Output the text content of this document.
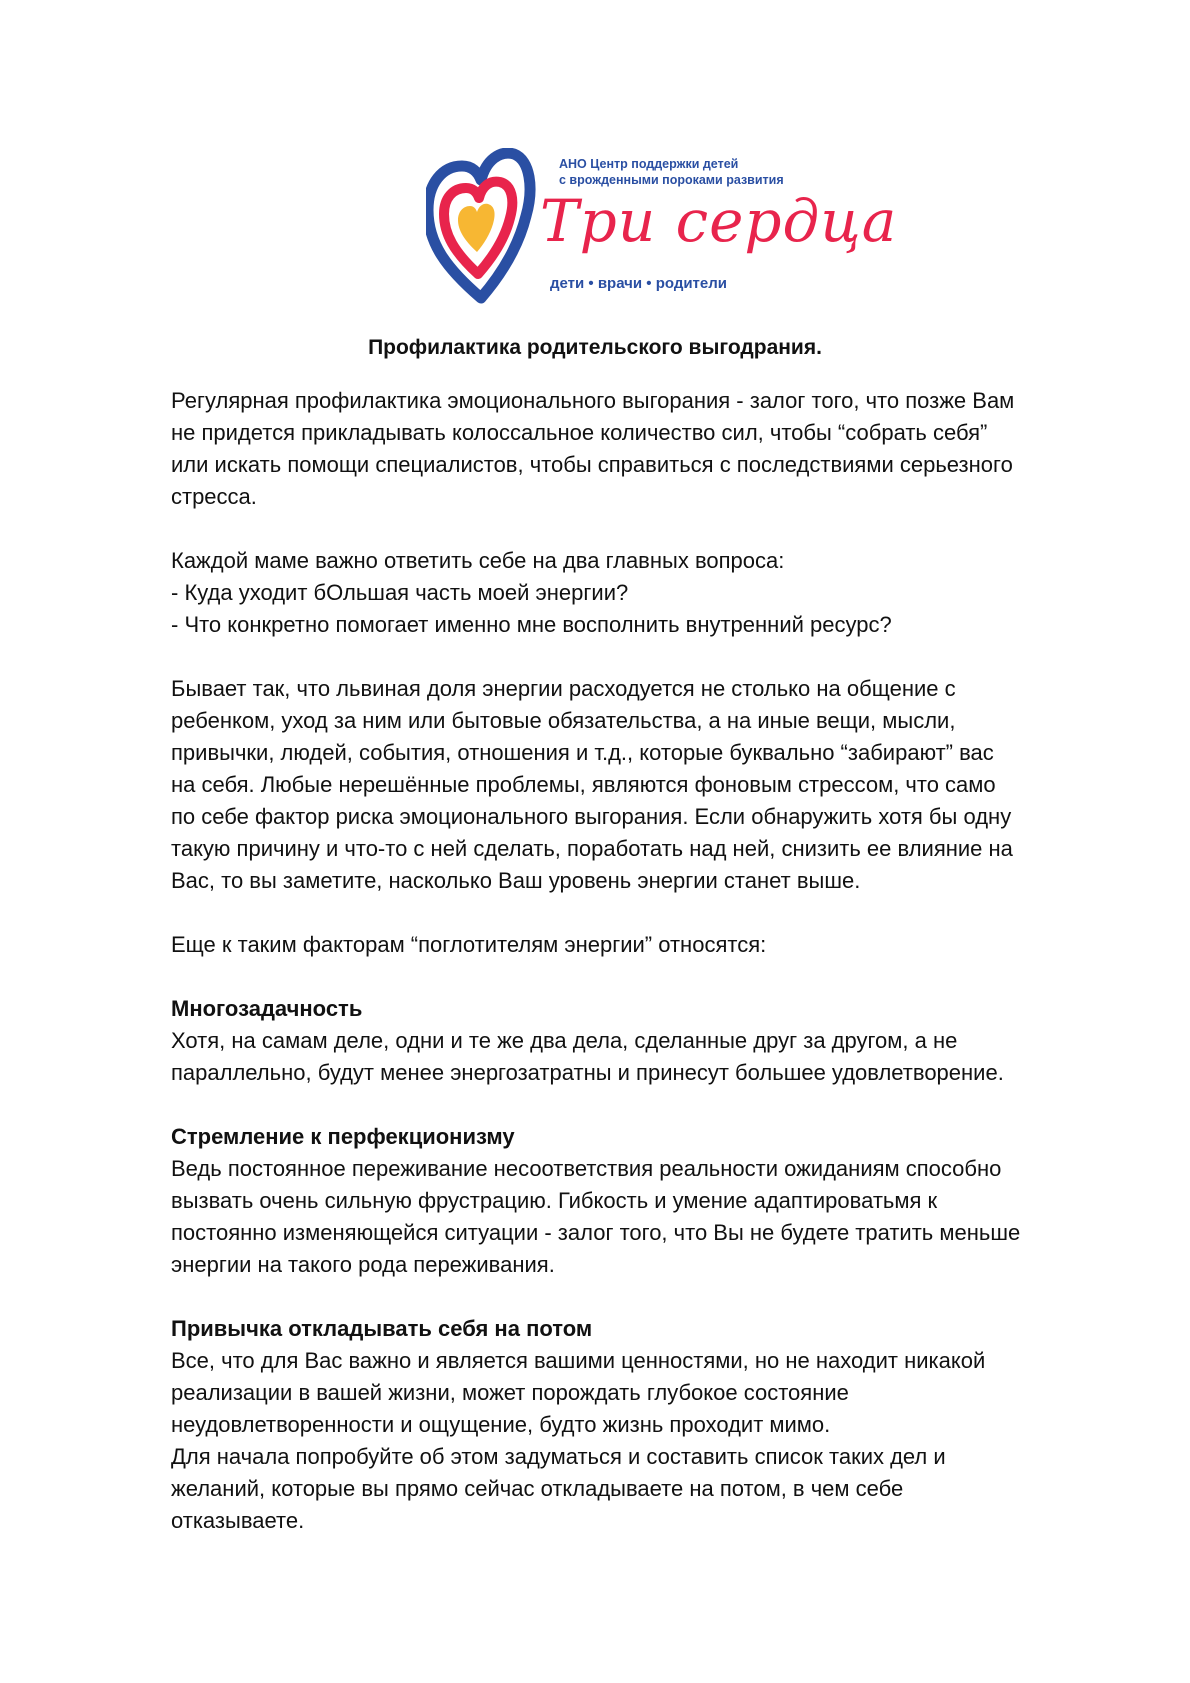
АНО Центр поддержки детей
с врожденными пороками развития
Три сердца
дети • врачи • родители
Профилактика родительского выгодрания.

Регулярная профилактика эмоционального выгорания - залог того, что позже Вам
не придется прикладывать колоссальное количество сил, чтобы “собрать себя”
или искать помощи специалистов, чтобы справиться с последствиями серьезного
стресса.

Каждой маме важно ответить себе на два главных вопроса:
- Куда уходит бОльшая часть моей энергии?
- Что конкретно помогает именно мне восполнить внутренний ресурс?

Бывает так, что львиная доля энергии расходуется не столько на общение с
ребенком, уход за ним или бытовые обязательства, а на иные вещи, мысли,
привычки, людей, события, отношения и т.д., которые буквально “забирают” вас
на себя. Любые нерешённые проблемы, являются фоновым стрессом, что само
по себе фактор риска эмоционального выгорания. Если обнаружить хотя бы одну
такую причину и что-то с ней сделать, поработать над ней, снизить ее влияние на
Вас, то вы заметите, насколько Ваш уровень энергии станет выше.

Еще к таким факторам “поглотителям энергии” относятся:

Многозадачность

Хотя, на самам деле, одни и те же два дела, сделанные друг за другом, а не
параллельно, будут менее энергозатратны и принесут большее удовлетворение.

Стремление к перфекционизму

Ведь постоянное переживание несоответствия реальности ожиданиям способно
вызвать очень сильную фрустрацию. Гибкость и умение адаптироватьмя к
постоянно изменяющейся ситуации - залог того, что Вы не будете тратить меньше
энергии на такого рода переживания.

Привычка откладывать себя на потом

Все, что для Вас важно и является вашими ценностями, но не находит никакой
реализации в вашей жизни, может порождать глубокое состояние
неудовлетворенности и ощущение, будто жизнь проходит мимо.
Для начала попробуйте об этом задуматься и составить список таких дел и
желаний, которые вы прямо сейчас откладываете на потом, в чем себе
отказываете.
